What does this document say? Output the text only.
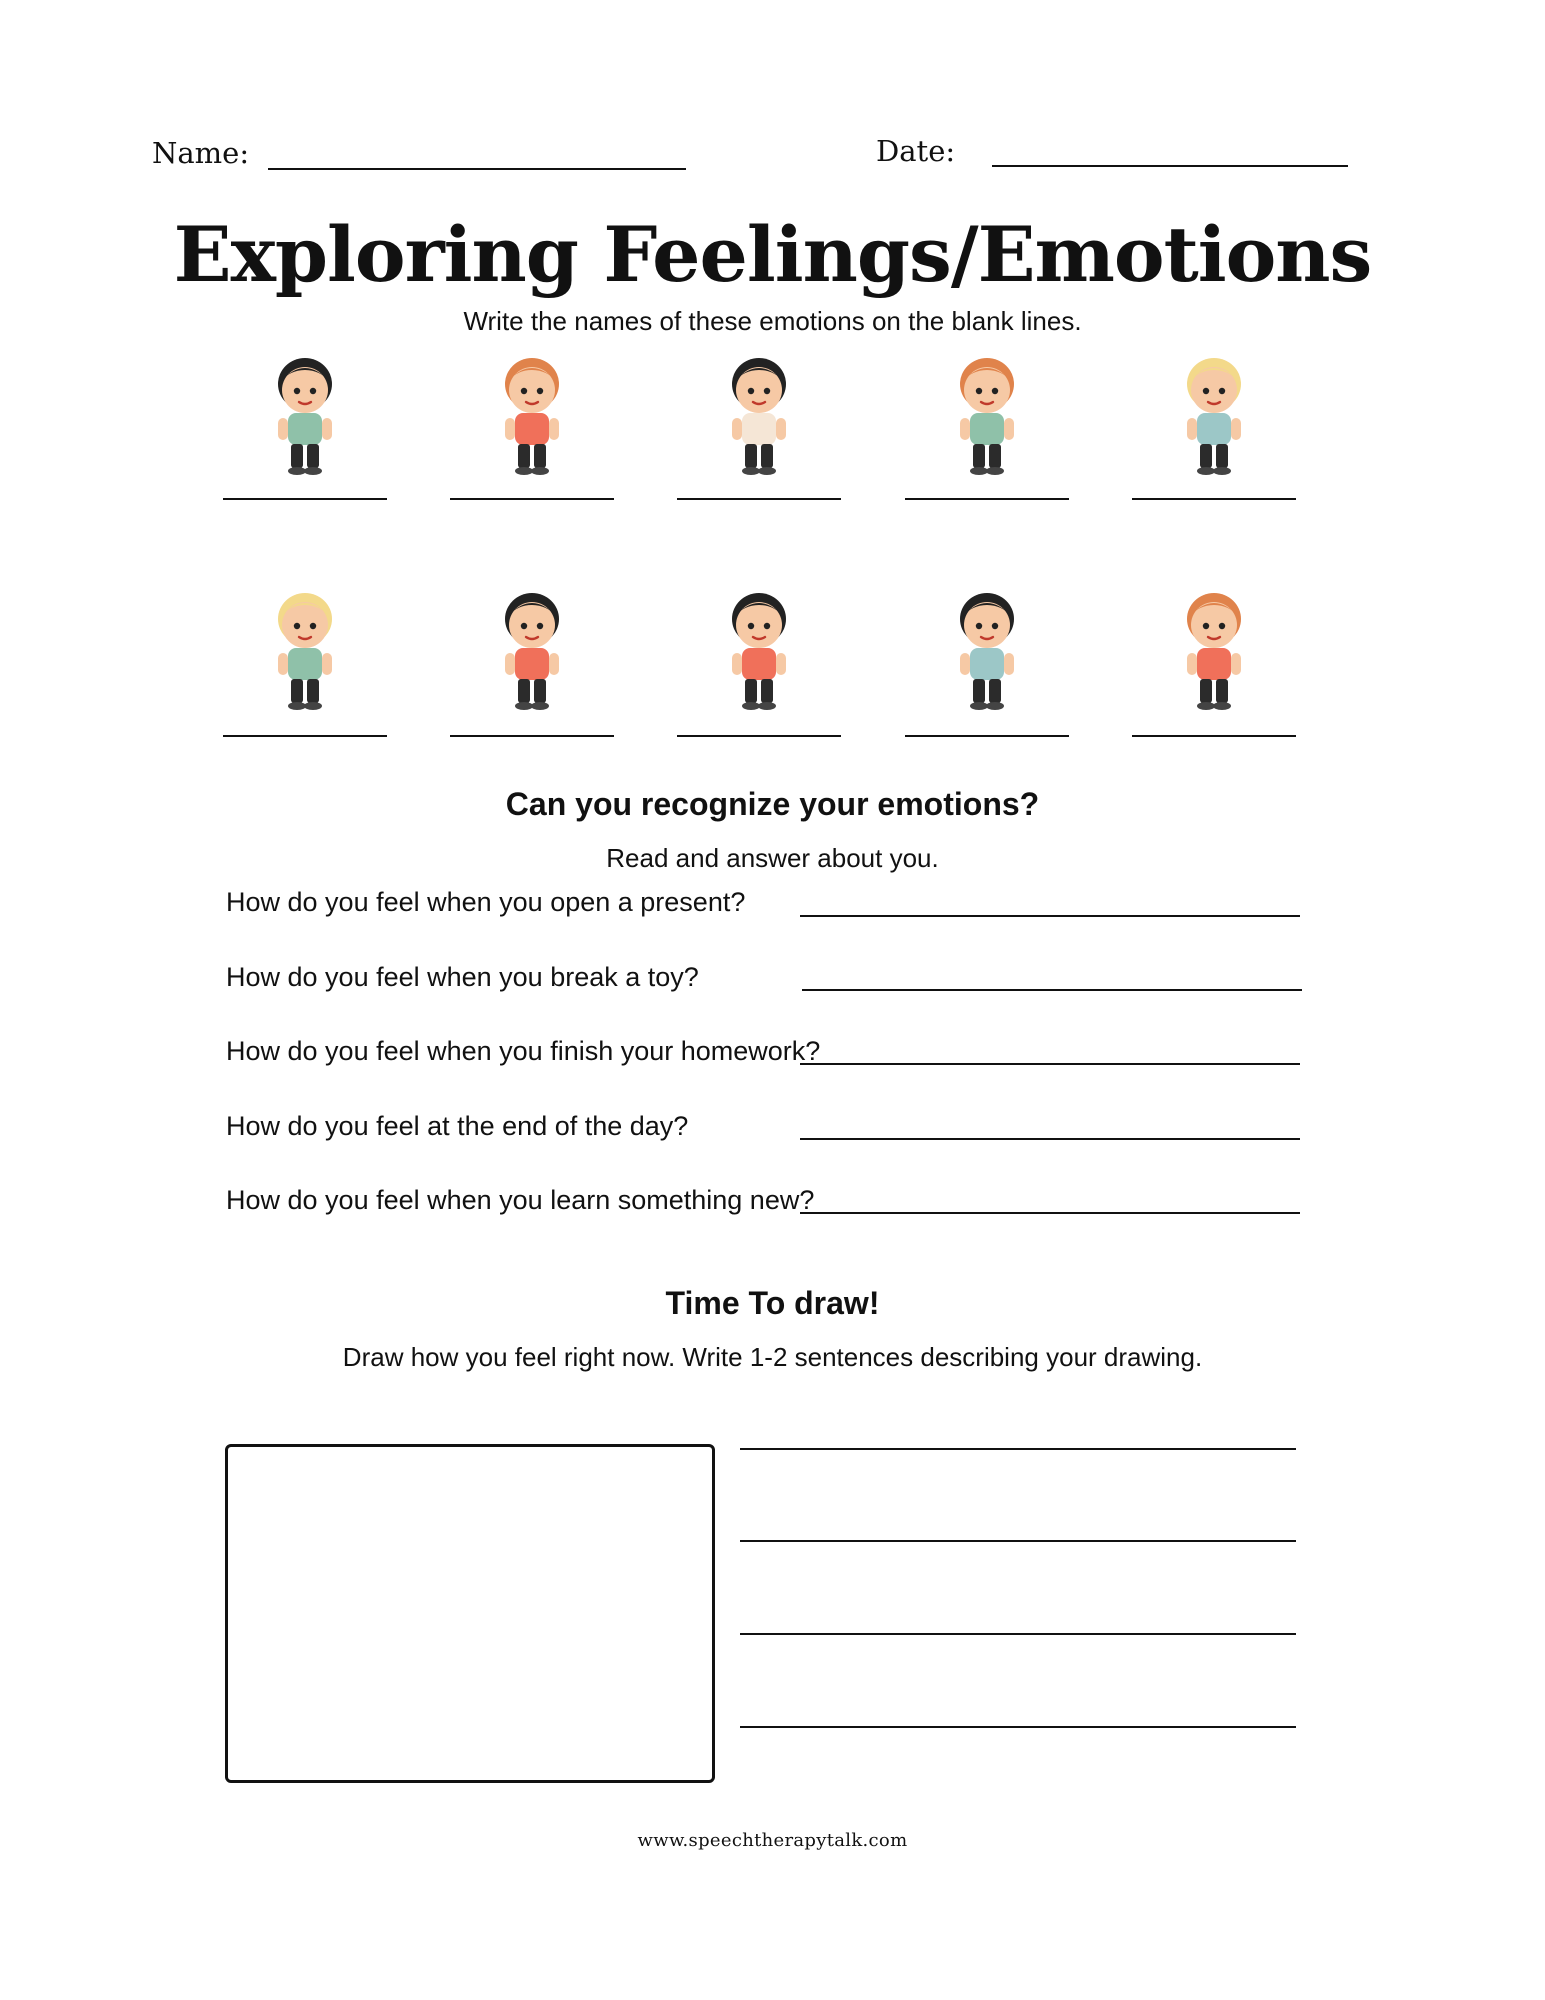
Name:	Date:
Exploring Feelings/Emotions
Write the names of these emotions on the blank lines.
Can you recognize your emotions?
Read and answer about you.
How do you feel when you open a present?
How do you feel when you break a toy?
How do you feel when you finish your homework?
How do you feel at the end of the day?
How do you feel when you learn something new?
Time To draw!
Draw how you feel right now. Write 1-2 sentences describing your drawing.
www.speechtherapytalk.com
